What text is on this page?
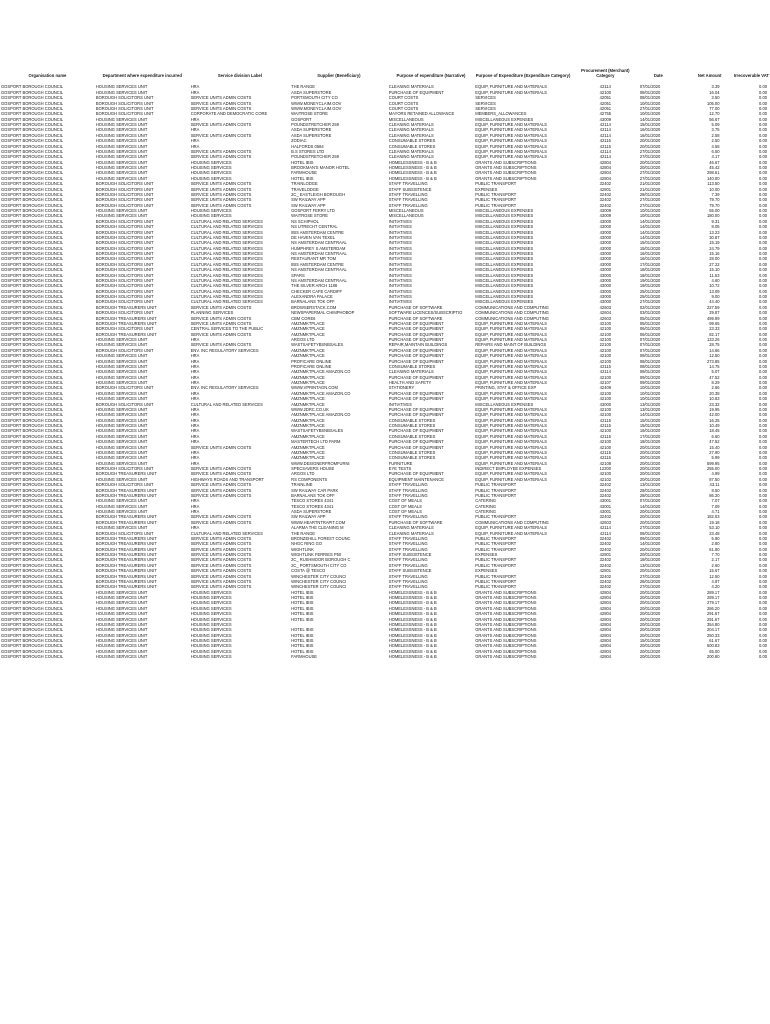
Organisation name	Department where expenditure incurred	Service division Label	Supplier (Beneficiary)	Purpose of expenditure (Narrative)	Purpose of Expenditure (Expenditure Category)	Procurement (Merchant) Category	Date	Net Amount	Irrecoverable VAT
GOSPORT BOROUGH COUNCIL	HOUSING SERVICES UNIT	HRA	THE RANGE	CLEANING MATERIALS	EQUIP, FURNITURE AND MATERIALS	42114	07/01/2020	3.39	0.00
GOSPORT BOROUGH COUNCIL	HOUSING SERVICES UNIT	HRA	ASDA SUPERSTORE	PURCHASE OF EQUIPMENT	EQUIP, FURNITURE AND MATERIALS	42100	08/01/2020	16.04	0.00
GOSPORT BOROUGH COUNCIL	BOROUGH SOLICITORS UNIT	SERVICE UNITS ADMIN COSTS	PORTSMOUTH CITY CO	COURT COSTS	SERVICES	42051	08/01/2020	3.50	0.00
GOSPORT BOROUGH COUNCIL	BOROUGH SOLICITORS UNIT	SERVICE UNITS ADMIN COSTS	WWW.MONEYCLAIM.GOV	COURT COSTS	SERVICES	42051	10/01/2020	105.00	0.00
GOSPORT BOROUGH COUNCIL	BOROUGH SOLICITORS UNIT	SERVICE UNITS ADMIN COSTS	WWW.MONEYCLAIM.GOV	COURT COSTS	SERVICES	42051	27/01/2020	77.00	0.00
GOSPORT BOROUGH COUNCIL	BOROUGH SOLICITORS UNIT	CORPORATE AND DEMOCRATIC CORE	WAITROSE STORE	MAYORS RETAINED ALLOWANCE	MEMBERS_ALLOWANCES	42755	10/01/2020	12.70	0.00
GOSPORT BOROUGH COUNCIL	HOUSING SERVICES UNIT	HRA	GOSPORT	MISCELLANEOUS	MISCELLANEOUS EXPENSES	43009	14/01/2020	56.67	0.00
GOSPORT BOROUGH COUNCIL	HOUSING SERVICES UNIT	SERVICE UNITS ADMIN COSTS	POUNDSTRETCHER 259	CLEANING MATERIALS	EQUIP, FURNITURE AND MATERIALS	42114	15/01/2020	5.09	0.00
GOSPORT BOROUGH COUNCIL	HOUSING SERVICES UNIT	HRA	ASDA SUPERSTORE	CLEANING MATERIALS	EQUIP, FURNITURE AND MATERIALS	42114	16/01/2020	3.75	0.00
GOSPORT BOROUGH COUNCIL	HOUSING SERVICES UNIT	SERVICE UNITS ADMIN COSTS	ASDA SUPERSTORE	CLEANING MATERIALS	EQUIP, FURNITURE AND MATERIALS	42114	16/01/2020	2.58	0.00
GOSPORT BOROUGH COUNCIL	HOUSING SERVICES UNIT	HRA	ZODIAC	CONSUMABLE STORES	EQUIP, FURNITURE AND MATERIALS	42115	20/01/2020	2.50	0.00
GOSPORT BOROUGH COUNCIL	HOUSING SERVICES UNIT	HRA	HALFORDS 0584	CONSUMABLE STORES	EQUIP, FURNITURE AND MATERIALS	42115	20/01/2020	4.58	0.00
GOSPORT BOROUGH COUNCIL	HOUSING SERVICES UNIT	SERVICE UNITS ADMIN COSTS	B.S STORES LTD	CLEANING MATERIALS	EQUIP, FURNITURE AND MATERIALS	42114	27/01/2020	6.50	0.00
GOSPORT BOROUGH COUNCIL	HOUSING SERVICES UNIT	SERVICE UNITS ADMIN COSTS	POUNDSTRETCHER 259	CLEANING MATERIALS	EQUIP, FURNITURE AND MATERIALS	42114	27/01/2020	4.17	0.00
GOSPORT BOROUGH COUNCIL	HOUSING SERVICES UNIT	HOUSING SERVICES	HOTEL IBIS	HOMELESSNESS - B & B	GRANTS AND SUBSCRIPTIONS	42804	20/01/2020	46.67	0.00
GOSPORT BOROUGH COUNCIL	HOUSING SERVICES UNIT	HOUSING SERVICES	BROOKMAN'S MANOR HOTEL	HOMELESSNESS - B & B	GRANTS AND SUBSCRIPTIONS	42804	20/01/2020	45.42	0.00
GOSPORT BOROUGH COUNCIL	HOUSING SERVICES UNIT	HOUSING SERVICES	FARMHOUSE	HOMELESSNESS - B & B	GRANTS AND SUBSCRIPTIONS	42804	27/01/2020	298.61	0.00
GOSPORT BOROUGH COUNCIL	HOUSING SERVICES UNIT	HOUSING SERVICES	HOTEL IBIS	HOMELESSNESS - B & B	GRANTS AND SUBSCRIPTIONS	42804	27/01/2020	140.00	0.00
GOSPORT BOROUGH COUNCIL	BOROUGH SOLICITORS UNIT	SERVICE UNITS ADMIN COSTS	TRAINLODGE	STAFF TRAVELLING	PUBLIC TRANSPORT	32402	21/01/2020	113.50	0.00
GOSPORT BOROUGH COUNCIL	BOROUGH SOLICITORS UNIT	SERVICE UNITS ADMIN COSTS	TRAVELODGE	STAFF SUBSISTENCE	EXPENSES	42801	21/01/2020	10.00	0.00
GOSPORT BOROUGH COUNCIL	BOROUGH SOLICITORS UNIT	SERVICE UNITS ADMIN COSTS	2C_ EASTLEIGH BOROUGH	STAFF TRAVELLING	PUBLIC TRANSPORT	32402	28/01/2020	7.39	0.00
GOSPORT BOROUGH COUNCIL	BOROUGH SOLICITORS UNIT	SERVICE UNITS ADMIN COSTS	SW RAILWAY APP	STAFF TRAVELLING	PUBLIC TRANSPORT	32402	27/01/2020	79.70	0.00
GOSPORT BOROUGH COUNCIL	BOROUGH SOLICITORS UNIT	SERVICE UNITS ADMIN COSTS	SW RAILWAY APP	STAFF TRAVELLING	PUBLIC TRANSPORT	32402	27/01/2020	79.70	0.00
GOSPORT BOROUGH COUNCIL	HOUSING SERVICES UNIT	HOUSING SERVICES	GOSPORT FERRY LTD	MISCELLANEOUS	MISCELLANEOUS EXPENSES	43009	10/01/2020	55.00	0.00
GOSPORT BOROUGH COUNCIL	HOUSING SERVICES UNIT	HOUSING SERVICES	WAITROSE STORE	MISCELLANEOUS	MISCELLANEOUS EXPENSES	43009	10/01/2020	180.00	0.00
GOSPORT BOROUGH COUNCIL	BOROUGH SOLICITORS UNIT	CULTURAL AND RELATED SERVICES	NS SCHIPHOL	INITIATIVES	MISCELLANEOUS EXPENSES	43000	14/01/2020	9.31	0.00
GOSPORT BOROUGH COUNCIL	BOROUGH SOLICITORS UNIT	CULTURAL AND RELATED SERVICES	NS UTRECHT CENTRAL	INITIATIVES	MISCELLANEOUS EXPENSES	43000	14/01/2020	8.05	0.00
GOSPORT BOROUGH COUNCIL	BOROUGH SOLICITORS UNIT	CULTURAL AND RELATED SERVICES	IBIS AMSTERDAM CENTRE	INITIATIVES	MISCELLANEOUS EXPENSES	43000	14/01/2020	13.23	0.00
GOSPORT BOROUGH COUNCIL	BOROUGH SOLICITORS UNIT	CULTURAL AND RELATED SERVICES	DE HAVEN VAN TEXEL	INITIATIVES	MISCELLANEOUS EXPENSES	43000	14/01/2020	30.87	0.00
GOSPORT BOROUGH COUNCIL	BOROUGH SOLICITORS UNIT	CULTURAL AND RELATED SERVICES	NS AMSTERDAM CENTRAAL	INITIATIVES	MISCELLANEOUS EXPENSES	43000	15/01/2020	15.19	0.00
GOSPORT BOROUGH COUNCIL	BOROUGH SOLICITORS UNIT	CULTURAL AND RELATED SERVICES	HUMPHREY S AMSTERDAM	INITIATIVES	MISCELLANEOUS EXPENSES	43000	15/01/2020	24.79	0.00
GOSPORT BOROUGH COUNCIL	BOROUGH SOLICITORS UNIT	CULTURAL AND RELATED SERVICES	NS AMSTERDAM CENTRAAL	INITIATIVES	MISCELLANEOUS EXPENSES	43000	16/01/2020	15.16	0.00
GOSPORT BOROUGH COUNCIL	BOROUGH SOLICITORS UNIT	CULTURAL AND RELATED SERVICES	RESTAURANT MR TOM	INITIATIVES	MISCELLANEOUS EXPENSES	43000	16/01/2020	28.00	0.00
GOSPORT BOROUGH COUNCIL	BOROUGH SOLICITORS UNIT	CULTURAL AND RELATED SERVICES	IBIS AMSTERDAM CENTRE	INITIATIVES	MISCELLANEOUS EXPENSES	43000	17/01/2020	27.22	0.00
GOSPORT BOROUGH COUNCIL	BOROUGH SOLICITORS UNIT	CULTURAL AND RELATED SERVICES	NS AMSTERDAM CENTRAAL	INITIATIVES	MISCELLANEOUS EXPENSES	43000	18/01/2020	15.10	0.00
GOSPORT BOROUGH COUNCIL	BOROUGH SOLICITORS UNIT	CULTURAL AND RELATED SERVICES	SPARS	INITIATIVES	MISCELLANEOUS EXPENSES	43000	18/01/2020	11.63	0.00
GOSPORT BOROUGH COUNCIL	BOROUGH SOLICITORS UNIT	CULTURAL AND RELATED SERVICES	NS AMSTERDAM CENTRAAL	INITIATIVES	MISCELLANEOUS EXPENSES	43000	19/01/2020	4.60	0.00
GOSPORT BOROUGH COUNCIL	BOROUGH SOLICITORS UNIT	CULTURAL AND RELATED SERVICES	THE SILVER ARCH 1188	INITIATIVES	MISCELLANEOUS EXPENSES	43000	19/01/2020	10.72	0.00
GOSPORT BOROUGH COUNCIL	BOROUGH SOLICITORS UNIT	CULTURAL AND RELATED SERVICES	CHECKER CAFE CARDIFF	INITIATIVES	MISCELLANEOUS EXPENSES	43000	25/01/2020	13.09	0.00
GOSPORT BOROUGH COUNCIL	BOROUGH SOLICITORS UNIT	CULTURAL AND RELATED SERVICES	ALEXANDRA PALACE	INITIATIVES	MISCELLANEOUS EXPENSES	43000	25/01/2020	9.00	0.00
GOSPORT BOROUGH COUNCIL	BOROUGH SOLICITORS UNIT	CULTURAL AND RELATED SERVICES	BARNALANS TOK OFF	INITIATIVES	MISCELLANEOUS EXPENSES	43000	27/01/2020	44.40	0.00
GOSPORT BOROUGH COUNCIL	BOROUGH TREASURERS UNIT	SERVICE UNITS ADMIN COSTS	BROWSERSTACK.COM	PURCHASE OF SOFTWARE	COMMUNICATIONS AND COMPUTING	42603	02/01/2020	227.59	0.00
GOSPORT BOROUGH COUNCIL	BOROUGH SOLICITORS UNIT	PLANNING SERVICES	NEWSPAPERMAL CHIMPHOBOP	SOFTWARE LICENCES/SUBSCRIPTIO	COMMUNICATIONS AND COMPUTING	42604	03/01/2020	29.87	0.00
GOSPORT BOROUGH COUNCIL	BOROUGH TREASURERS UNIT	SERVICE UNITS ADMIN COSTS	CBM CORE6	PURCHASE OF SOFTWARE	COMMUNICATIONS AND COMPUTING	42603	05/01/2020	499.99	0.00
GOSPORT BOROUGH COUNCIL	BOROUGH TREASURERS UNIT	SERVICE UNITS ADMIN COSTS	AMZNMKTPLACE	PURCHASE OF EQUIPMENT	EQUIP, FURNITURE AND MATERIALS	42100	05/01/2020	99.65	0.00
GOSPORT BOROUGH COUNCIL	BOROUGH SOLICITORS UNIT	CENTRAL SERVICES TO THE PUBLIC	AMZNMKTPLACE	PURCHASE OF EQUIPMENT	EQUIP, FURNITURE AND MATERIALS	42100	06/01/2020	23.33	0.00
GOSPORT BOROUGH COUNCIL	BOROUGH TREASURERS UNIT	SERVICE UNITS ADMIN COSTS	AMZNMKTPLACE	PURCHASE OF EQUIPMENT	EQUIP, FURNITURE AND MATERIALS	42100	06/01/2020	82.17	0.00
GOSPORT BOROUGH COUNCIL	HOUSING SERVICES UNIT	HRA	ARGOS LTD	PURCHASE OF EQUIPMENT	EQUIP, FURNITURE AND MATERIALS	42100	07/01/2020	133.26	0.00
GOSPORT BOROUGH COUNCIL	HOUSING SERVICES UNIT	SERVICE UNITS ADMIN COSTS	WASTSAFETYBSNBSALES	REPAIR,MAINTAIN BUILDINGS	REPAIRS AND MAINT OF BUILDINGS	22100	07/01/2020	28.75	0.00
GOSPORT BOROUGH COUNCIL	BOROUGH SOLICITORS UNIT	ENV. INC REGULATORY SERVICES	AMZNMKTPLACE	PURCHASE OF EQUIPMENT	EQUIP, FURNITURE AND MATERIALS	42100	07/01/2020	14.66	0.00
GOSPORT BOROUGH COUNCIL	HOUSING SERVICES UNIT	HRA	AMZNMKTPLACE	PURCHASE OF EQUIPMENT	EQUIP, FURNITURE AND MATERIALS	42100	08/01/2020	12.50	0.00
GOSPORT BOROUGH COUNCIL	HOUSING SERVICES UNIT	HRA	PROFICARE ONLINE	PURCHASE OF EQUIPMENT	EQUIP, FURNITURE AND MATERIALS	42100	08/01/2020	273.85	0.00
GOSPORT BOROUGH COUNCIL	HOUSING SERVICES UNIT	HRA	PROFICARE ONLINE	CONSUMABLE STORES	EQUIP, FURNITURE AND MATERIALS	42115	08/01/2020	14.75	0.00
GOSPORT BOROUGH COUNCIL	HOUSING SERVICES UNIT	HRA	AMZNMKTPLACE AMAZON.CO	CLEANING MATERIALS	EQUIP, FURNITURE AND MATERIALS	42114	08/01/2020	5.07	0.00
GOSPORT BOROUGH COUNCIL	HOUSING SERVICES UNIT	HRA	AMZNMKTPLACE	PURCHASE OF EQUIPMENT	EQUIP, FURNITURE AND MATERIALS	42100	09/01/2020	47.52	0.00
GOSPORT BOROUGH COUNCIL	HOUSING SERVICES UNIT	HRA	AMZNMKTPLACE	HEALTH AND SAFETY	EQUIP, FURNITURE AND MATERIALS	42107	09/01/2020	8.29	0.00
GOSPORT BOROUGH COUNCIL	BOROUGH SOLICITORS UNIT	ENV. INC REGULATORY SERVICES	WWW.VPRINTAGN.COM	STATIONERY	PRINTING, STAT & OFFICE EXP	42409	10/01/2020	2.66	0.00
GOSPORT BOROUGH COUNCIL	HOUSING SERVICES UNIT	HRA	AMZNMKTPLACE AMAZON.CO	PURCHASE OF EQUIPMENT	EQUIP, FURNITURE AND MATERIALS	42100	10/01/2020	20.38	0.00
GOSPORT BOROUGH COUNCIL	HOUSING SERVICES UNIT	HRA	AMZNMKTPLACE	PURCHASE OF EQUIPMENT	EQUIP, FURNITURE AND MATERIALS	42100	10/01/2020	10.83	0.00
GOSPORT BOROUGH COUNCIL	BOROUGH SOLICITORS UNIT	CULTURAL AND RELATED SERVICES	AMZNMKTPLACE	INITIATIVES	MISCELLANEOUS EXPENSES	43000	13/01/2020	23.32	0.00
GOSPORT BOROUGH COUNCIL	HOUSING SERVICES UNIT	HRA	WWW.2DRC.CO.UK	PURCHASE OF EQUIPMENT	EQUIP, FURNITURE AND MATERIALS	42100	13/01/2020	19.95	0.00
GOSPORT BOROUGH COUNCIL	HOUSING SERVICES UNIT	HRA	AMZNMKTPLACE AMAZON.CO	PURCHASE OF EQUIPMENT	EQUIP, FURNITURE AND MATERIALS	42100	14/01/2020	42.00	0.00
GOSPORT BOROUGH COUNCIL	HOUSING SERVICES UNIT	HRA	AMZNMKTPLACE	CONSUMABLE STORES	EQUIP, FURNITURE AND MATERIALS	42115	15/01/2020	16.25	0.00
GOSPORT BOROUGH COUNCIL	HOUSING SERVICES UNIT	HRA	AMZNMKTPLACE	CONSUMABLE STORES	EQUIP, FURNITURE AND MATERIALS	42115	15/01/2020	10.49	0.00
GOSPORT BOROUGH COUNCIL	HOUSING SERVICES UNIT	HRA	WASTSAFETYBSNBSALES	PURCHASE OF EQUIPMENT	EQUIP, FURNITURE AND MATERIALS	42100	16/01/2020	18.45	0.00
GOSPORT BOROUGH COUNCIL	HOUSING SERVICES UNIT	HRA	AMZNMKTPLACE	CONSUMABLE STORES	EQUIP, FURNITURE AND MATERIALS	42115	17/01/2020	6.60	0.00
GOSPORT BOROUGH COUNCIL	HOUSING SERVICES UNIT	HRA	MASTERTECH LTD PARM	PURCHASE OF EQUIPMENT	EQUIP, FURNITURE AND MATERIALS	42100	18/01/2020	47.52	0.00
GOSPORT BOROUGH COUNCIL	HOUSING SERVICES UNIT	SERVICE UNITS ADMIN COSTS	AMZNMKTPLACE	PURCHASE OF EQUIPMENT	EQUIP, FURNITURE AND MATERIALS	42100	20/01/2020	15.40	0.00
GOSPORT BOROUGH COUNCIL	HOUSING SERVICES UNIT	HRA	AMZNMKTPLACE	CONSUMABLE STORES	EQUIP, FURNITURE AND MATERIALS	42115	20/01/2020	27.90	0.00
GOSPORT BOROUGH COUNCIL	HOUSING SERVICES UNIT	HRA	AMZNMKTPLACE	CONSUMABLE STORES	EQUIP, FURNITURE AND MATERIALS	42115	20/01/2020	5.99	0.00
GOSPORT BOROUGH COUNCIL	HOUSING SERVICES UNIT	HRA	WWW.DESIGNERFROMFURNI	FURNITURE	EQUIP, FURNITURE AND MATERIALS	42108	20/01/2020	599.95	0.00
GOSPORT BOROUGH COUNCIL	BOROUGH SOLICITORS UNIT	SERVICE UNITS ADMIN COSTS	SPECSAVERS HOUSE	EYE TESTS	INDIRECT EMPLOYEE EXPENSES	12200	20/01/2020	255.00	0.00
GOSPORT BOROUGH COUNCIL	BOROUGH TREASURERS UNIT	SERVICE UNITS ADMIN COSTS	ARGOS LTD	PURCHASE OF EQUIPMENT	EQUIP, FURNITURE AND MATERIALS	42100	20/01/2020	4.99	0.00
GOSPORT BOROUGH COUNCIL	HOUSING SERVICES UNIT	HIGHWAYS ROADS AND TRANSPORT	RS COMPONENTS	EQUIPMENT MAINTENANCE	EQUIP, FURNITURE AND MATERIALS	42102	20/01/2020	87.50	0.00
GOSPORT BOROUGH COUNCIL	BOROUGH SOLICITORS UNIT	SERVICE UNITS ADMIN COSTS	TRAINLINE	STAFF TRAVELLING	PUBLIC TRANSPORT	32402	13/01/2020	43.11	0.00
GOSPORT BOROUGH COUNCIL	BOROUGH TREASURERS UNIT	SERVICE UNITS ADMIN COSTS	SW RAILWAY CAR PARK	STAFF TRAVELLING	PUBLIC TRANSPORT	32402	28/01/2020	8.50	0.00
GOSPORT BOROUGH COUNCIL	BOROUGH TREASURERS UNIT	SERVICE UNITS ADMIN COSTS	BARNALANS TOK OFF	STAFF TRAVELLING	PUBLIC TRANSPORT	32402	28/01/2020	86.20	0.00
GOSPORT BOROUGH COUNCIL	HOUSING SERVICES UNIT	HRA	TESCO STORES 4341	COST OF MEALS	CATERING	43001	07/01/2020	7.07	0.00
GOSPORT BOROUGH COUNCIL	HOUSING SERVICES UNIT	HRA	TESCO STORES 4341	COST OF MEALS	CATERING	43001	14/01/2020	7.09	0.00
GOSPORT BOROUGH COUNCIL	HOUSING SERVICES UNIT	HRA	ASDA SUPERSTORE	COST OF MEALS	CATERING	43001	20/01/2020	4.71	0.00
GOSPORT BOROUGH COUNCIL	BOROUGH TREASURERS UNIT	SERVICE UNITS ADMIN COSTS	SW RAILWAY APP	STAFF TRAVELLING	PUBLIC TRANSPORT	32402	20/01/2020	182.03	0.00
GOSPORT BOROUGH COUNCIL	BOROUGH TREASURERS UNIT	SERVICE UNITS ADMIN COSTS	WWW.HEARTNTRAPIT.COM	PURCHASE OF SOFTWARE	COMMUNICATIONS AND COMPUTING	42603	20/01/2020	19.18	0.00
GOSPORT BOROUGH COUNCIL	HOUSING SERVICES UNIT	HRA	ALARMA THE CLEANING M	CLEANING MATERIALS	EQUIP, FURNITURE AND MATERIALS	42114	27/01/2020	53.10	0.00
GOSPORT BOROUGH COUNCIL	BOROUGH SOLICITORS UNIT	CULTURAL AND RELATED SERVICES	THE RANGE	CLEANING MATERIALS	EQUIP, FURNITURE AND MATERIALS	42114	08/01/2020	23.48	0.00
GOSPORT BOROUGH COUNCIL	BOROUGH TREASURERS UNIT	SERVICE UNITS ADMIN COSTS	BRONZEHILL FOREST COUNC	STAFF TRAVELLING	PUBLIC TRANSPORT	32402	09/01/2020	5.90	0.00
GOSPORT BOROUGH COUNCIL	BOROUGH TREASURERS UNIT	SERVICE UNITS ADMIN COSTS	NHGC RING GO	STAFF TRAVELLING	PUBLIC TRANSPORT	32402	14/01/2020	2.80	0.00
GOSPORT BOROUGH COUNCIL	BOROUGH TREASURERS UNIT	SERVICE UNITS ADMIN COSTS	WIGHTLINK	STAFF TRAVELLING	PUBLIC TRANSPORT	32402	20/01/2020	61.80	0.00
GOSPORT BOROUGH COUNCIL	BOROUGH TREASURERS UNIT	SERVICE UNITS ADMIN COSTS	WIGHTLINK FERRIES P50	STAFF SUBSISTENCE	EXPENSES	42801	20/01/2020	7.70	0.00
GOSPORT BOROUGH COUNCIL	BOROUGH TREASURERS UNIT	SERVICE UNITS ADMIN COSTS	2C_ RUSHMOOR BOROUGH C	STAFF TRAVELLING	PUBLIC TRANSPORT	32402	18/01/2020	2.17	0.00
GOSPORT BOROUGH COUNCIL	BOROUGH TREASURERS UNIT	SERVICE UNITS ADMIN COSTS	2C_ PORTSMOUTH CITY CO	STAFF TRAVELLING	PUBLIC TRANSPORT	32402	13/01/2020	2.60	0.00
GOSPORT BOROUGH COUNCIL	BOROUGH TREASURERS UNIT	SERVICE UNITS ADMIN COSTS	COSTA @ TESCO	STAFF SUBSISTENCE	EXPENSES	42801	20/01/2020	15.67	0.00
GOSPORT BOROUGH COUNCIL	BOROUGH TREASURERS UNIT	SERVICE UNITS ADMIN COSTS	WINCHESTER CITY COUNCI	STAFF TRAVELLING	PUBLIC TRANSPORT	32402	27/01/2020	12.50	0.00
GOSPORT BOROUGH COUNCIL	BOROUGH TREASURERS UNIT	SERVICE UNITS ADMIN COSTS	WINCHESTER CITY COUNCI	STAFF TRAVELLING	PUBLIC TRANSPORT	32402	28/01/2020	4.87	0.00
GOSPORT BOROUGH COUNCIL	BOROUGH TREASURERS UNIT	SERVICE UNITS ADMIN COSTS	WINCHESTER CITY COUNCI	STAFF TRAVELLING	PUBLIC TRANSPORT	32402	27/01/2020	4.20	0.00
GOSPORT BOROUGH COUNCIL	HOUSING SERVICES UNIT	HOUSING SERVICES	HOTEL IBIS	HOMELESSNESS - B & B	GRANTS AND SUBSCRIPTIONS	42804	20/01/2020	289.17	0.00
GOSPORT BOROUGH COUNCIL	HOUSING SERVICES UNIT	HOUSING SERVICES	HOTEL IBIS	HOMELESSNESS - B & B	GRANTS AND SUBSCRIPTIONS	42804	20/01/2020	289.17	0.00
GOSPORT BOROUGH COUNCIL	HOUSING SERVICES UNIT	HOUSING SERVICES	HOTEL IBIS	HOMELESSNESS - B & B	GRANTS AND SUBSCRIPTIONS	42804	20/01/2020	279.17	0.00
GOSPORT BOROUGH COUNCIL	HOUSING SERVICES UNIT	HOUSING SERVICES	HOTEL IBIS	HOMELESSNESS - B & B	GRANTS AND SUBSCRIPTIONS	42804	20/01/2020	286.20	0.00
GOSPORT BOROUGH COUNCIL	HOUSING SERVICES UNIT	HOUSING SERVICES	HOTEL IBIS	HOMELESSNESS - B & B	GRANTS AND SUBSCRIPTIONS	42804	20/01/2020	291.67	0.00
GOSPORT BOROUGH COUNCIL	HOUSING SERVICES UNIT	HOUSING SERVICES	HOTEL IBIS	HOMELESSNESS - B & B	GRANTS AND SUBSCRIPTIONS	42804	20/01/2020	291.67	0.00
GOSPORT BOROUGH COUNCIL	HOUSING SERVICES UNIT	HOUSING SERVICES		HOMELESSNESS - B & B	GRANTS AND SUBSCRIPTIONS	42804	20/01/2020	354.80	0.00
GOSPORT BOROUGH COUNCIL	HOUSING SERVICES UNIT	HOUSING SERVICES	HOTEL IBIS	HOMELESSNESS - B & B	GRANTS AND SUBSCRIPTIONS	42804	20/01/2020	204.17	0.00
GOSPORT BOROUGH COUNCIL	HOUSING SERVICES UNIT	HOUSING SERVICES	HOTEL IBIS	HOMELESSNESS - B & B	GRANTS AND SUBSCRIPTIONS	42804	20/01/2020	250.33	0.00
GOSPORT BOROUGH COUNCIL	HOUSING SERVICES UNIT	HOUSING SERVICES	HOTEL IBIS	HOMELESSNESS - B & B	GRANTS AND SUBSCRIPTIONS	42804	15/01/2020	61.67	0.00
GOSPORT BOROUGH COUNCIL	HOUSING SERVICES UNIT	HOUSING SERVICES	HOTEL IBIS	HOMELESSNESS - B & B	GRANTS AND SUBSCRIPTIONS	42804	20/01/2020	500.83	0.00
GOSPORT BOROUGH COUNCIL	HOUSING SERVICES UNIT	HOUSING SERVICES	HOTEL IBIS	HOMELESSNESS - B & B	GRANTS AND SUBSCRIPTIONS	42804	20/01/2020	65.00	0.00
GOSPORT BOROUGH COUNCIL	HOUSING SERVICES UNIT	HOUSING SERVICES	FARMHOUSE	HOMELESSNESS - B & B	GRANTS AND SUBSCRIPTIONS	42804	20/01/2020	200.80	0.00
